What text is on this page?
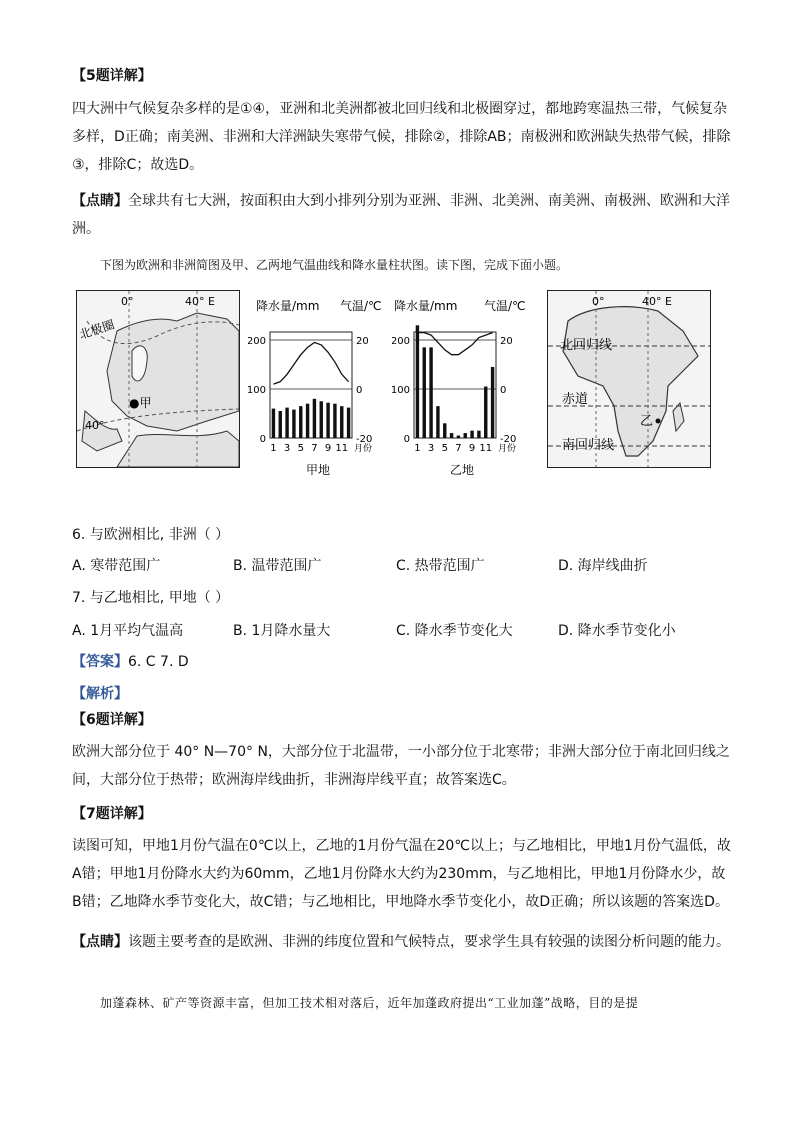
【5题详解】

四大洲中气候复杂多样的是①④，亚洲和北美洲都被北回归线和北极圈穿过，都地跨寒温热三带，气候复杂多样，D正确；南美洲、非洲和大洋洲缺失寒带气候，排除②，排除AB；南极洲和欧洲缺失热带气候，排除③，排除C；故选D。

【点睛】全球共有七大洲，按面积由大到小排列分别为亚洲、非洲、北美洲、南美洲、南极洲、欧洲和大洋洲。

下图为欧洲和非洲简图及甲、乙两地气温曲线和降水量柱状图。读下图，完成下面小题。
0°	40° E
北极圈
40°
●甲
降水量/mm 气温/℃
甲地
0
100
200
-20
0
20
1 3 5 7 9 11 月份
降水量/mm 气温/℃
乙地
0
100
200
-20
0
20
1 3 5 7 9 11 月份
0°	40° E
北回归线
赤道
南回归线
乙
6. 与欧洲相比, 非洲（ ）
A. 寒带范围广	B. 温带范围广	C. 热带范围广	D. 海岸线曲折
7. 与乙地相比, 甲地（ ）
A. 1月平均气温高	B. 1月降水量大	C. 降水季节变化大	D. 降水季节变化小
【答案】6. C 7. D
【解析】
【6题详解】

欧洲大部分位于 40° N—70° N，大部分位于北温带，一小部分位于北寒带；非洲大部分位于南北回归线之间，大部分位于热带；欧洲海岸线曲折，非洲海岸线平直；故答案选C。

【7题详解】

读图可知，甲地1月份气温在0℃以上，乙地的1月份气温在20℃以上；与乙地相比，甲地1月份气温低，故A错；甲地1月份降水大约为60mm，乙地1月份降水大约为230mm，与乙地相比，甲地1月份降水少，故B错；乙地降水季节变化大，故C错；与乙地相比，甲地降水季节变化小，故D正确；所以该题的答案选D。

【点睛】该题主要考查的是欧洲、非洲的纬度位置和气候特点，要求学生具有较强的读图分析问题的能力。

加蓬森林、矿产等资源丰富，但加工技术相对落后，近年加蓬政府提出“工业加蓬”战略，目的是提
